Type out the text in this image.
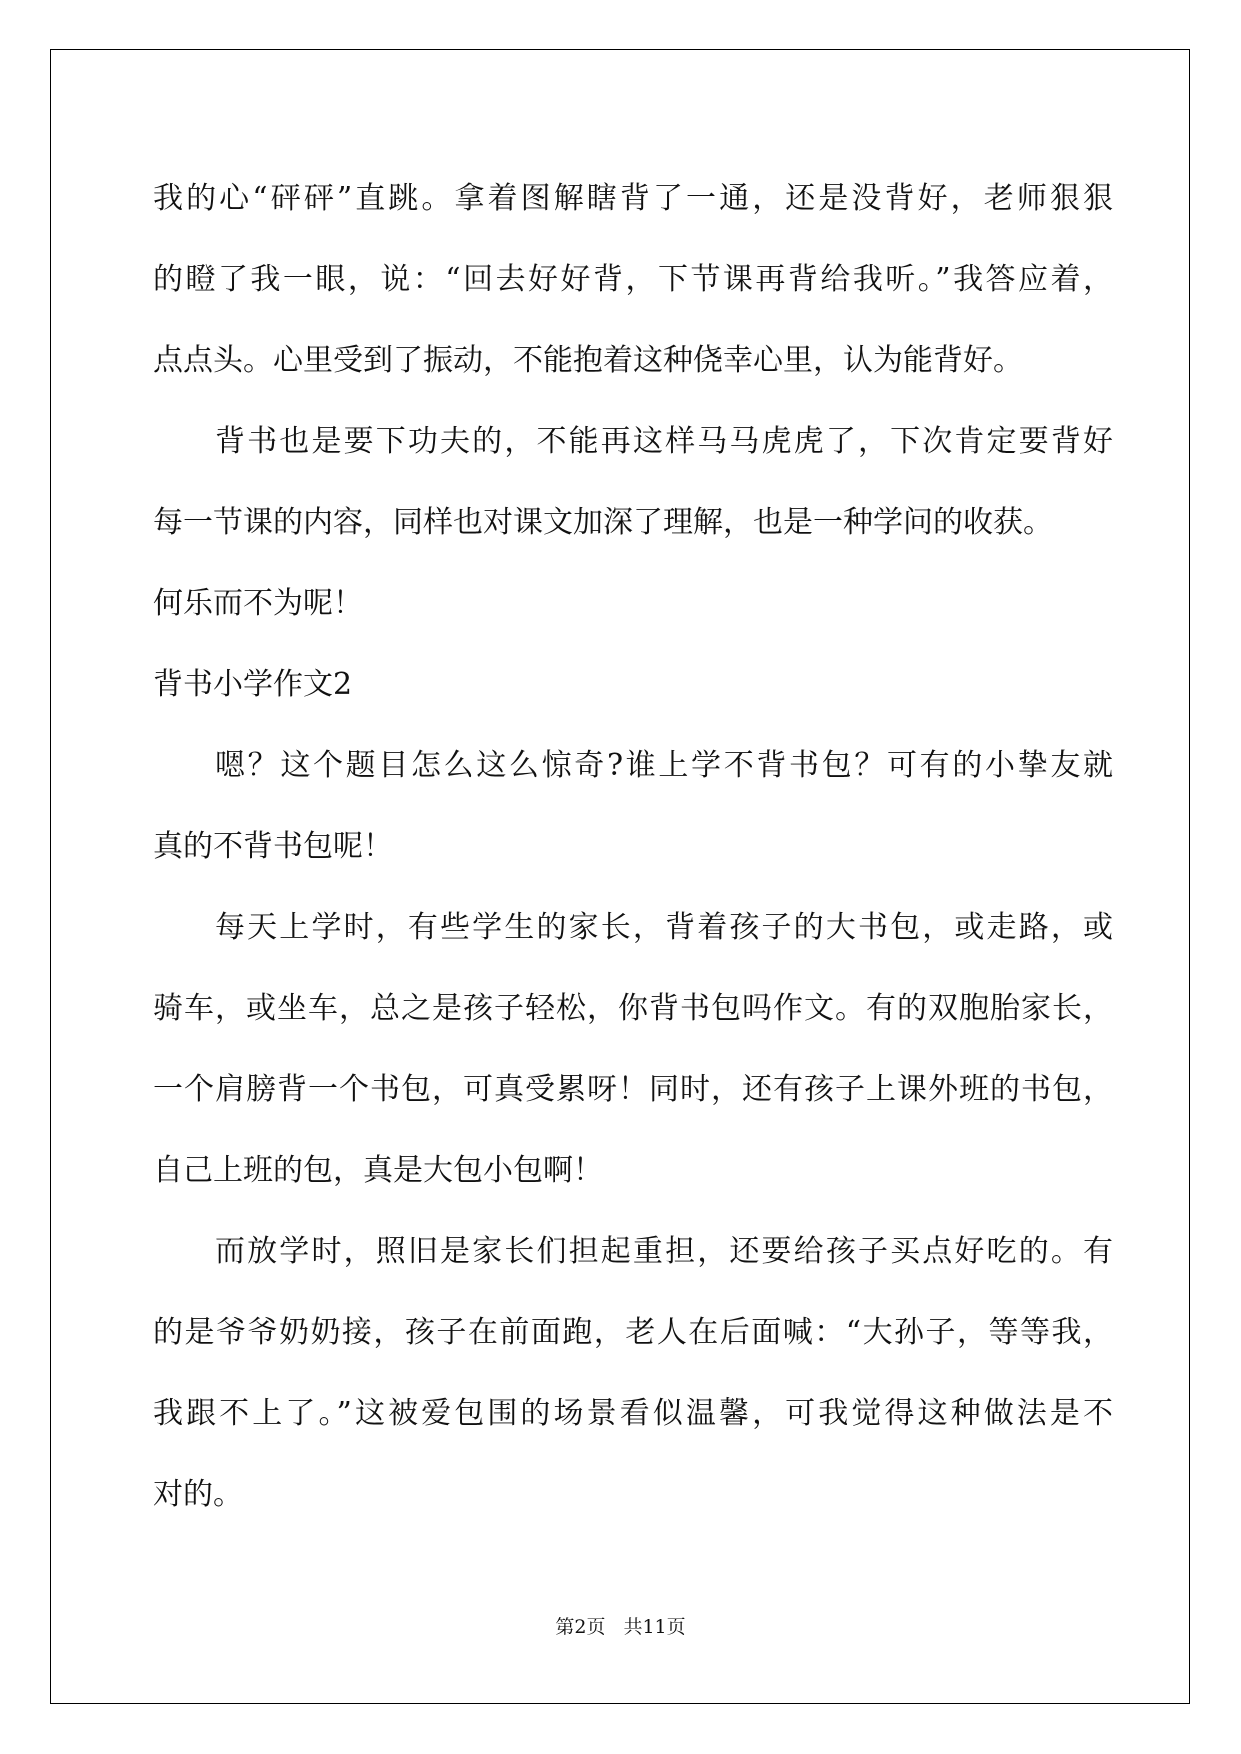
我的心“砰砰”直跳。拿着图解瞎背了一通，还是没背好，老师狠狠
的瞪了我一眼，说：“回去好好背，下节课再背给我听。”我答应着，
点点头。心里受到了振动，不能抱着这种侥幸心里，认为能背好。
背书也是要下功夫的，不能再这样马马虎虎了，下次肯定要背好
每一节课的内容，同样也对课文加深了理解，也是一种学问的收获。
何乐而不为呢！
背书小学作文2
嗯？这个题目怎么这么惊奇?谁上学不背书包？可有的小挚友就
真的不背书包呢！
每天上学时，有些学生的家长，背着孩子的大书包，或走路，或
骑车，或坐车，总之是孩子轻松，你背书包吗作文。有的双胞胎家长，
一个肩膀背一个书包，可真受累呀！同时，还有孩子上课外班的书包，
自己上班的包，真是大包小包啊！
而放学时，照旧是家长们担起重担，还要给孩子买点好吃的。有
的是爷爷奶奶接，孩子在前面跑，老人在后面喊：“大孙子，等等我，
我跟不上了。”这被爱包围的场景看似温馨，可我觉得这种做法是不
对的。
第2页 共11页
